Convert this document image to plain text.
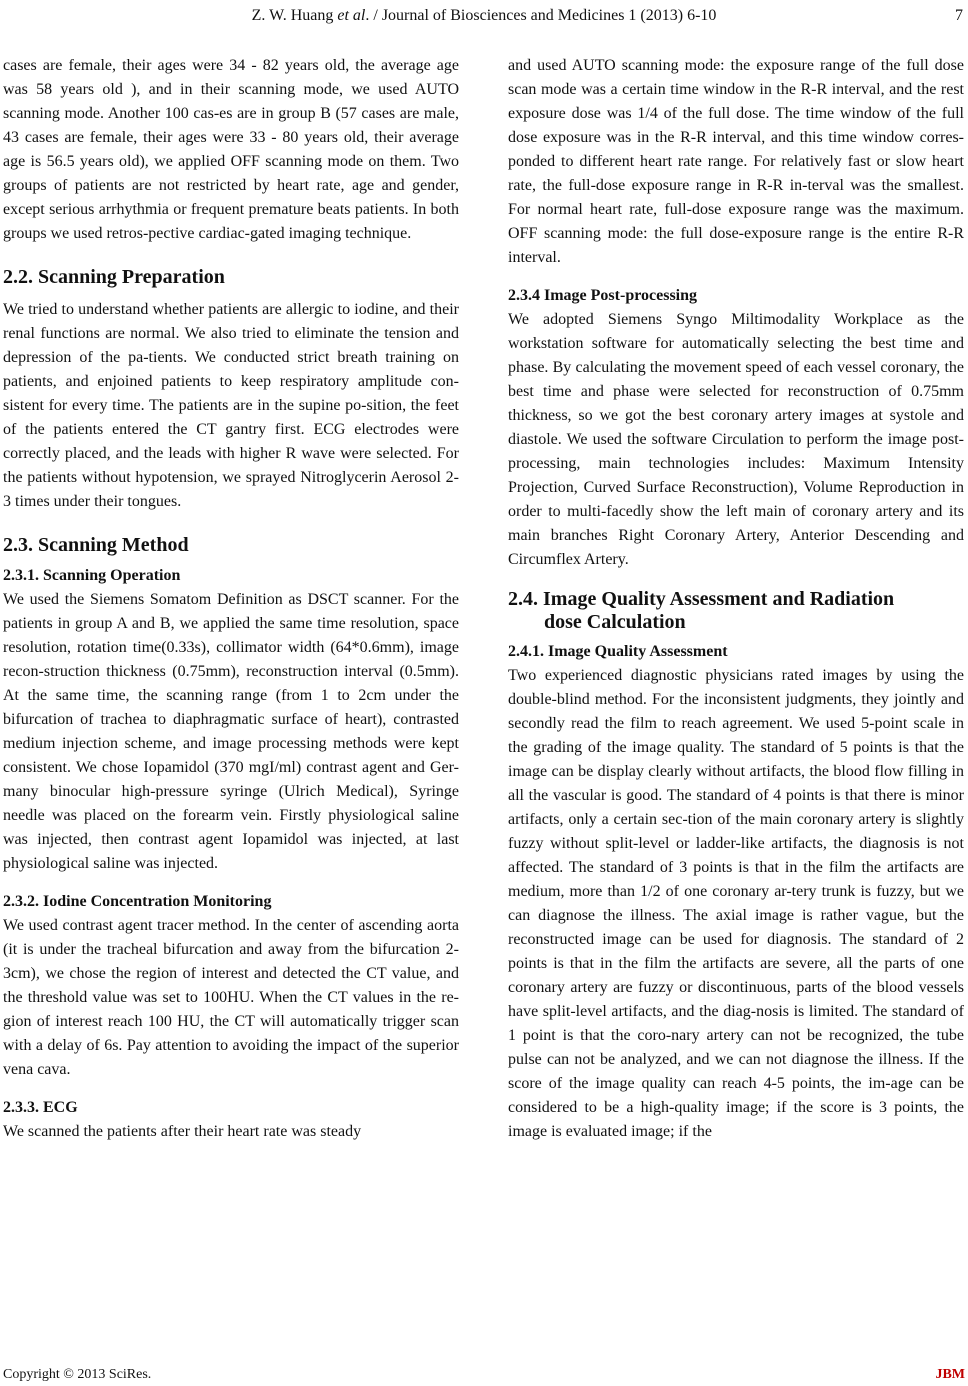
Z. W. Huang et al. / Journal of Biosciences and Medicines 1 (2013) 6-10	7

cases are female, their ages were 34 - 82 years old, the average age was 58 years old ), and in their scanning mode, we used AUTO scanning mode. Another 100 cas-es are in group B (57 cases are male, 43 cases are female, their ages were 33 - 80 years old, their average age is 56.5 years old), we applied OFF scanning mode on them. Two groups of patients are not restricted by heart rate, age and gender, except serious arrhythmia or frequent premature beats patients. In both groups we used retros-pective cardiac-gated imaging technique.

2.2. Scanning Preparation

We tried to understand whether patients are allergic to iodine, and their renal functions are normal. We also tried to eliminate the tension and depression of the pa-tients. We conducted strict breath training on patients, and enjoined patients to keep respiratory amplitude con-sistent for every time. The patients are in the supine po-sition, the feet of the patients entered the CT gantry first. ECG electrodes were correctly placed, and the leads with higher R wave were selected. For the patients without hypotension, we sprayed Nitroglycerin Aerosol 2-3 times under their tongues.

2.3. Scanning Method
2.3.1. Scanning Operation

We used the Siemens Somatom Definition as DSCT scanner. For the patients in group A and B, we applied the same time resolution, space resolution, rotation time(0.33s), collimator width (64*0.6mm), image recon-struction thickness (0.75mm), reconstruction interval (0.5mm). At the same time, the scanning range (from 1 to 2cm under the bifurcation of trachea to diaphragmatic surface of heart), contrasted medium injection scheme, and image processing methods were kept consistent. We chose Iopamidol (370 mgI/ml) contrast agent and Ger-many binocular high-pressure syringe (Ulrich Medical), Syringe needle was placed on the forearm vein. Firstly physiological saline was injected, then contrast agent Iopamidol was injected, at last physiological saline was injected.

2.3.2. Iodine Concentration Monitoring

We used contrast agent tracer method. In the center of ascending aorta (it is under the tracheal bifurcation and away from the bifurcation 2-3cm), we chose the region of interest and detected the CT value, and the threshold value was set to 100HU. When the CT values in the re-gion of interest reach 100 HU, the CT will automatically trigger scan with a delay of 6s. Pay attention to avoiding the impact of the superior vena cava.

2.3.3. ECG

We scanned the patients after their heart rate was steady

and used AUTO scanning mode: the exposure range of the full dose scan mode was a certain time window in the R-R interval, and the rest exposure dose was 1/4 of the full dose. The time window of the full dose exposure was in the R-R interval, and this time window corres-ponded to different heart rate range. For relatively fast or slow heart rate, the full-dose exposure range in R-R in-terval was the smallest. For normal heart rate, full-dose exposure range was the maximum. OFF scanning mode: the full dose-exposure range is the entire R-R interval.

2.3.4 Image Post-processing

We adopted Siemens Syngo Miltimodality Workplace as the workstation software for automatically selecting the best time and phase. By calculating the movement speed of each vessel coronary, the best time and phase were selected for reconstruction of 0.75mm thickness, so we got the best coronary artery images at systole and diastole. We used the software Circulation to perform the image post-processing, main technologies includes: Maximum Intensity Projection, Curved Surface Reconstruction), Volume Reproduction in order to multi-facedly show the left main of coronary artery and its main branches Right Coronary Artery, Anterior Descending and Circumflex Artery.

2.4. Image Quality Assessment and Radiation
dose Calculation
2.4.1. Image Quality Assessment

Two experienced diagnostic physicians rated images by using the double-blind method. For the inconsistent judgments, they jointly and secondly read the film to reach agreement. We used 5-point scale in the grading of the image quality. The standard of 5 points is that the image can be display clearly without artifacts, the blood flow filling in all the vascular is good. The standard of 4 points is that there is minor artifacts, only a certain sec-tion of the main coronary artery is slightly fuzzy without split-level or ladder-like artifacts, the diagnosis is not affected. The standard of 3 points is that in the film the artifacts are medium, more than 1/2 of one coronary ar-tery trunk is fuzzy, but we can diagnose the illness. The axial image is rather vague, but the reconstructed image can be used for diagnosis. The standard of 2 points is that in the film the artifacts are severe, all the parts of one coronary artery are fuzzy or discontinuous, parts of the blood vessels have split-level artifacts, and the diag-nosis is limited. The standard of 1 point is that the coro-nary artery can not be recognized, the tube pulse can not be analyzed, and we can not diagnose the illness. If the score of the image quality can reach 4-5 points, the im-age can be considered to be a high-quality image; if the score is 3 points, the image is evaluated image; if the

Copyright © 2013 SciRes.	JBM
